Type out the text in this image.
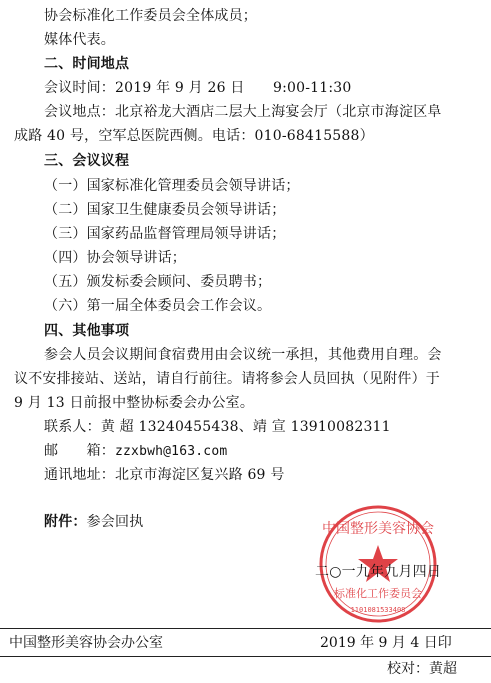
协会标准化工作委员会全体成员；
媒体代表。
二、时间地点
会议时间：2019 年 9 月 26 日　　9:00-11:30
会议地点：北京裕龙大酒店二层大上海宴会厅（北京市海淀区阜
成路 40 号，空军总医院西侧。电话：010-68415588）
三、会议议程
（一）国家标准化管理委员会领导讲话；
（二）国家卫生健康委员会领导讲话；
（三）国家药品监督管理局领导讲话；
（四）协会领导讲话；
（五）颁发标委会顾问、委员聘书；
（六）第一届全体委员会工作会议。
四、其他事项
参会人员会议期间食宿费用由会议统一承担，其他费用自理。会
议不安排接站、送站，请自行前往。请将参会人员回执（见附件）于
9 月 13 日前报中整协标委会办公室。
联系人：黄 超 13240455438、靖 宣 13910082311
邮　　箱：zzxbwh@163.com
通讯地址：北京市海淀区复兴路 69 号
附件：参会回执	中国整形美容协会
标准化工作委员会
1101081533408
二○一九年九月四日
中国整形美容协会办公室	2019 年 9 月 4 日印
校对：黄超
